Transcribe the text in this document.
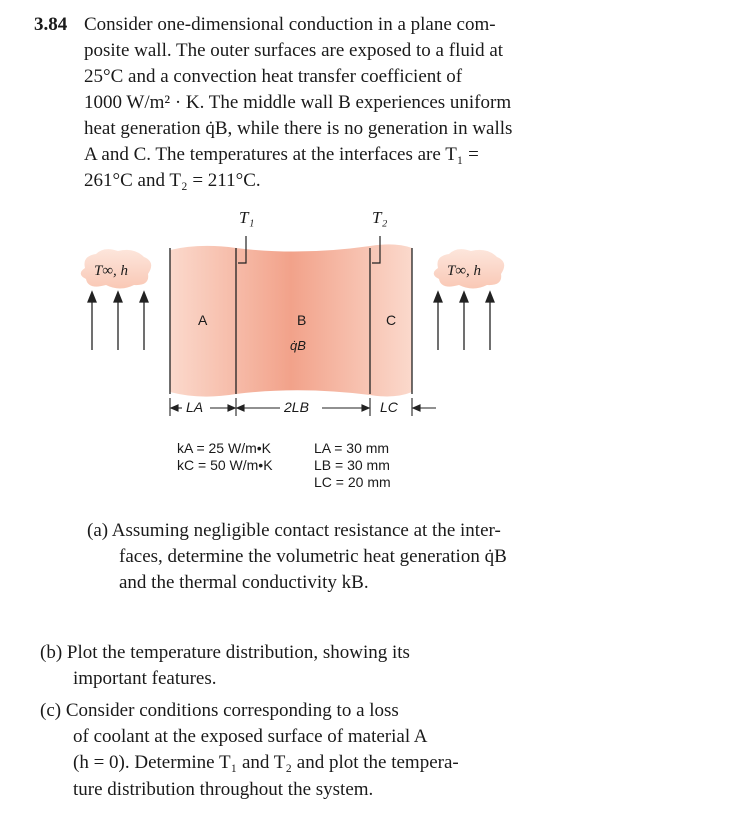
3.84 Consider one-dimensional conduction in a plane com-
posite wall. The outer surfaces are exposed to a fluid at
25°C and a convection heat transfer coefficient of
1000 W/m² · K. The middle wall B experiences uniform
heat generation q̇B, while there is no generation in walls
A and C. The temperatures at the interfaces are T₁ =
261°C and T₂ = 211°C.
T₁	T₂
T∞, h	T∞, h
A	B	C
q̇B
LA	2LB	LC
kA = 25 W/m•K
kC = 50 W/m•K
LA = 30 mm
LB = 30 mm
LC = 20 mm
(a) Assuming negligible contact resistance at the inter-
faces, determine the volumetric heat generation q̇B
and the thermal conductivity kB.
(b) Plot the temperature distribution, showing its
important features.
(c) Consider conditions corresponding to a loss
of coolant at the exposed surface of material A
(h = 0). Determine T₁ and T₂ and plot the tempera-
ture distribution throughout the system.
